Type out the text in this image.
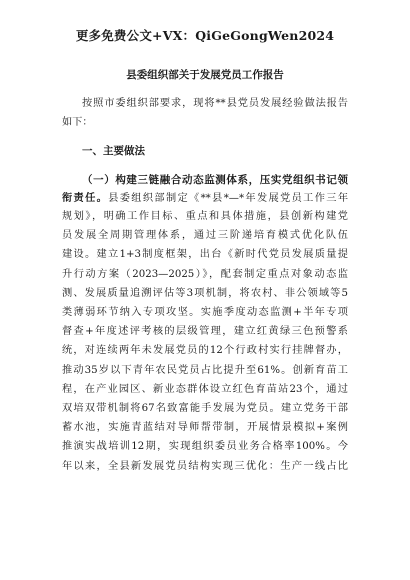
更多免费公文+VX：QiGeGongWen2024
县委组织部关于发展党员工作报告
按照市委组织部要求，现将**县党员发展经验做法报告
如下：
一、主要做法
（一）构建三链融合动态监测体系，压实党组织书记领
衔责任。县委组织部制定《**县*—*年发展党员工作三年
规划》，明确工作目标、重点和具体措施，县创新构建党
员发展全周期管理体系，通过三阶递培育模式优化队伍
建设。建立1+3制度框架，出台《新时代党员发展质量提
升行动方案（2023—2025）》，配套制定重点对象动态监
测、发展质量追溯评估等3项机制，将农村、非公领域等5
类薄弱环节纳入专项攻坚。实施季度动态监测+半年专项
督查+年度述评考核的层级管理，建立红黄绿三色预警系
统，对连续两年未发展党员的12个行政村实行挂牌督办，
推动35岁以下青年农民党员占比提升至61%。创新育苗工
程，在产业园区、新业态群体设立红色育苗站23个，通过
双培双带机制将67名致富能手发展为党员。建立党务干部
蓄水池，实施青蓝结对导师帮带制，开展情景模拟+案例
推演实战培训12期，实现组织委员业务合格率100%。今
年以来，全县新发展党员结构实现三优化：生产一线占比
